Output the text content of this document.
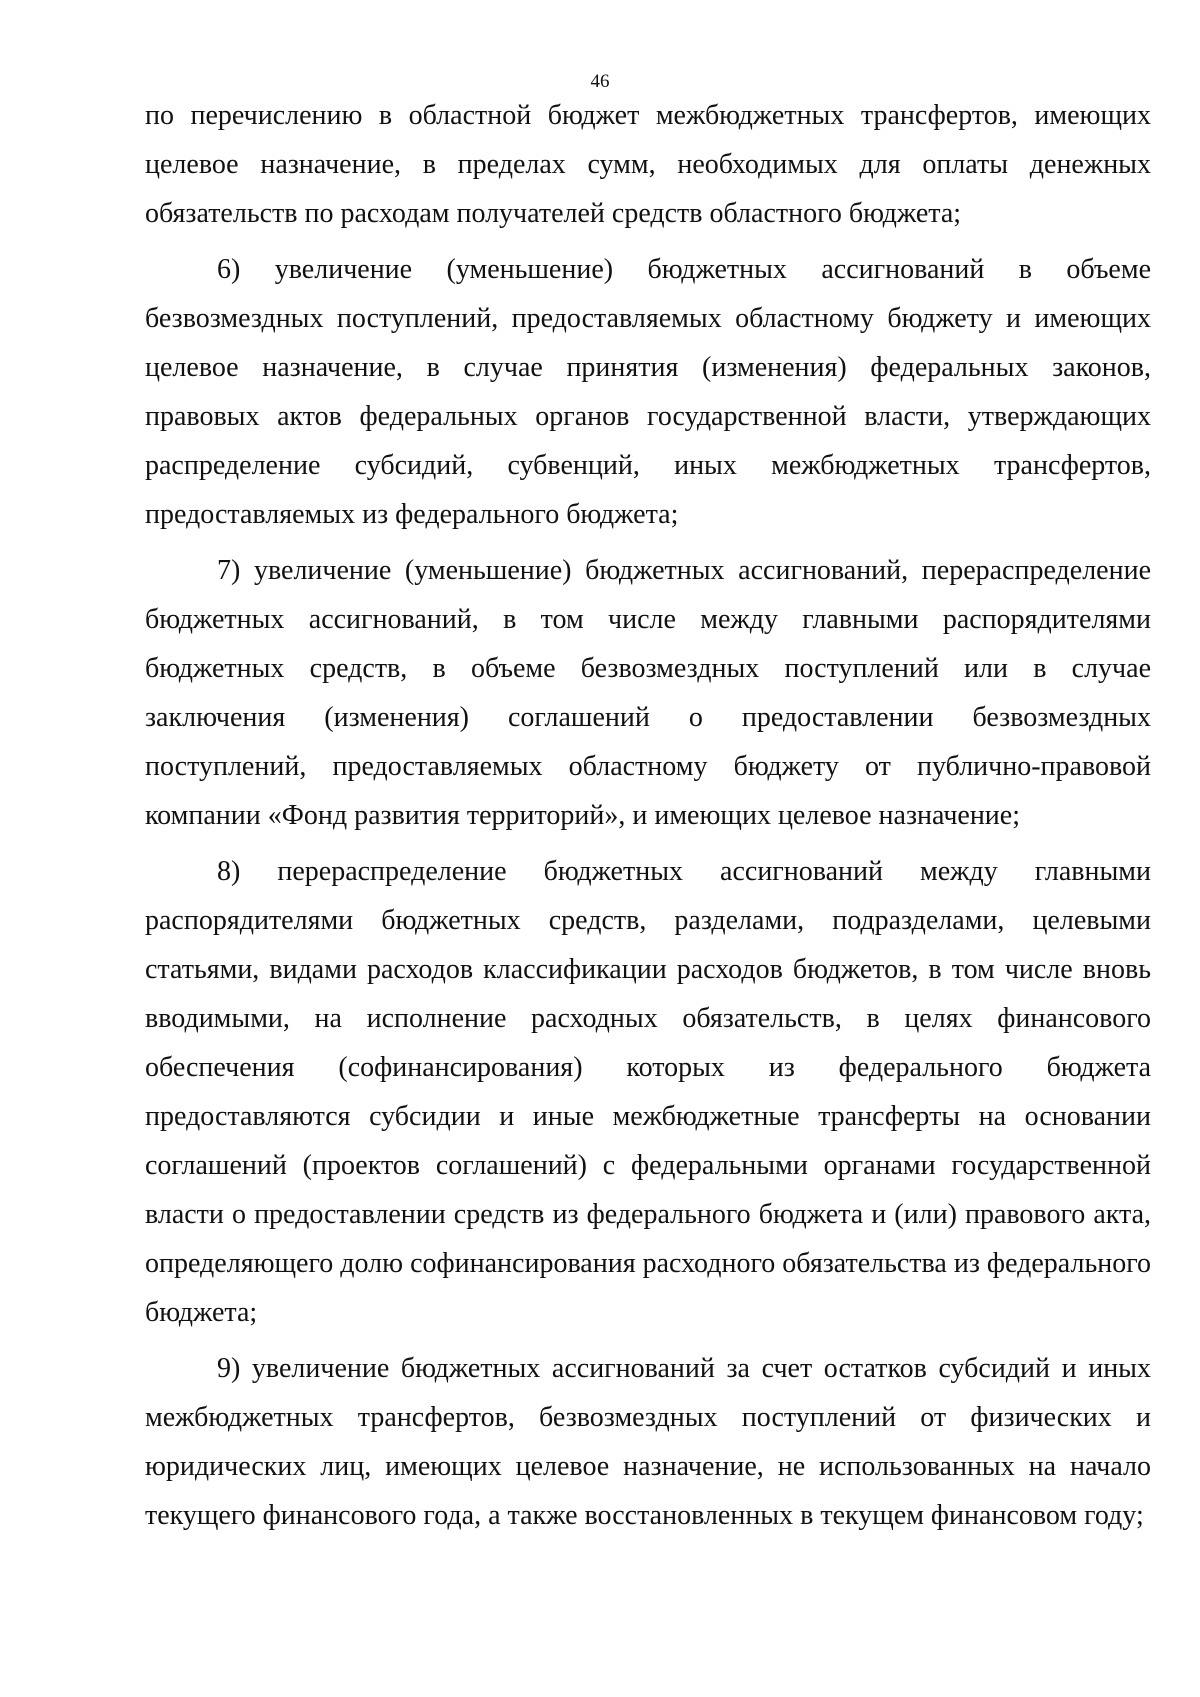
46

по перечислению в областной бюджет межбюджетных трансфертов, имеющих целевое назначение, в пределах сумм, необходимых для оплаты денежных обязательств по расходам получателей средств областного бюджета;

6) увеличение (уменьшение) бюджетных ассигнований в объеме безвозмездных поступлений, предоставляемых областному бюджету и имеющих целевое назначение, в случае принятия (изменения) федеральных законов, правовых актов федеральных органов государственной власти, утверждающих распределение субсидий, субвенций, иных межбюджетных трансфертов, предоставляемых из федерального бюджета;

7) увеличение (уменьшение) бюджетных ассигнований, перераспределение бюджетных ассигнований, в том числе между главными распорядителями бюджетных средств, в объеме безвозмездных поступлений или в случае заключения (изменения) соглашений о предоставлении безвозмездных поступлений, предоставляемых областному бюджету от публично-правовой компании «Фонд развития территорий», и имеющих целевое назначение;

8) перераспределение бюджетных ассигнований между главными распорядителями бюджетных средств, разделами, подразделами, целевыми статьями, видами расходов классификации расходов бюджетов, в том числе вновь вводимыми, на исполнение расходных обязательств, в целях финансового обеспечения (софинансирования) которых из федерального бюджета предоставляются субсидии и иные межбюджетные трансферты на основании соглашений (проектов соглашений) с федеральными органами государственной власти о предоставлении средств из федерального бюджета и (или) правового акта, определяющего долю софинансирования расходного обязательства из федерального бюджета;

9) увеличение бюджетных ассигнований за счет остатков субсидий и иных межбюджетных трансфертов, безвозмездных поступлений от физических и юридических лиц, имеющих целевое назначение, не использованных на начало текущего финансового года, а также восстановленных в текущем финансовом году;
